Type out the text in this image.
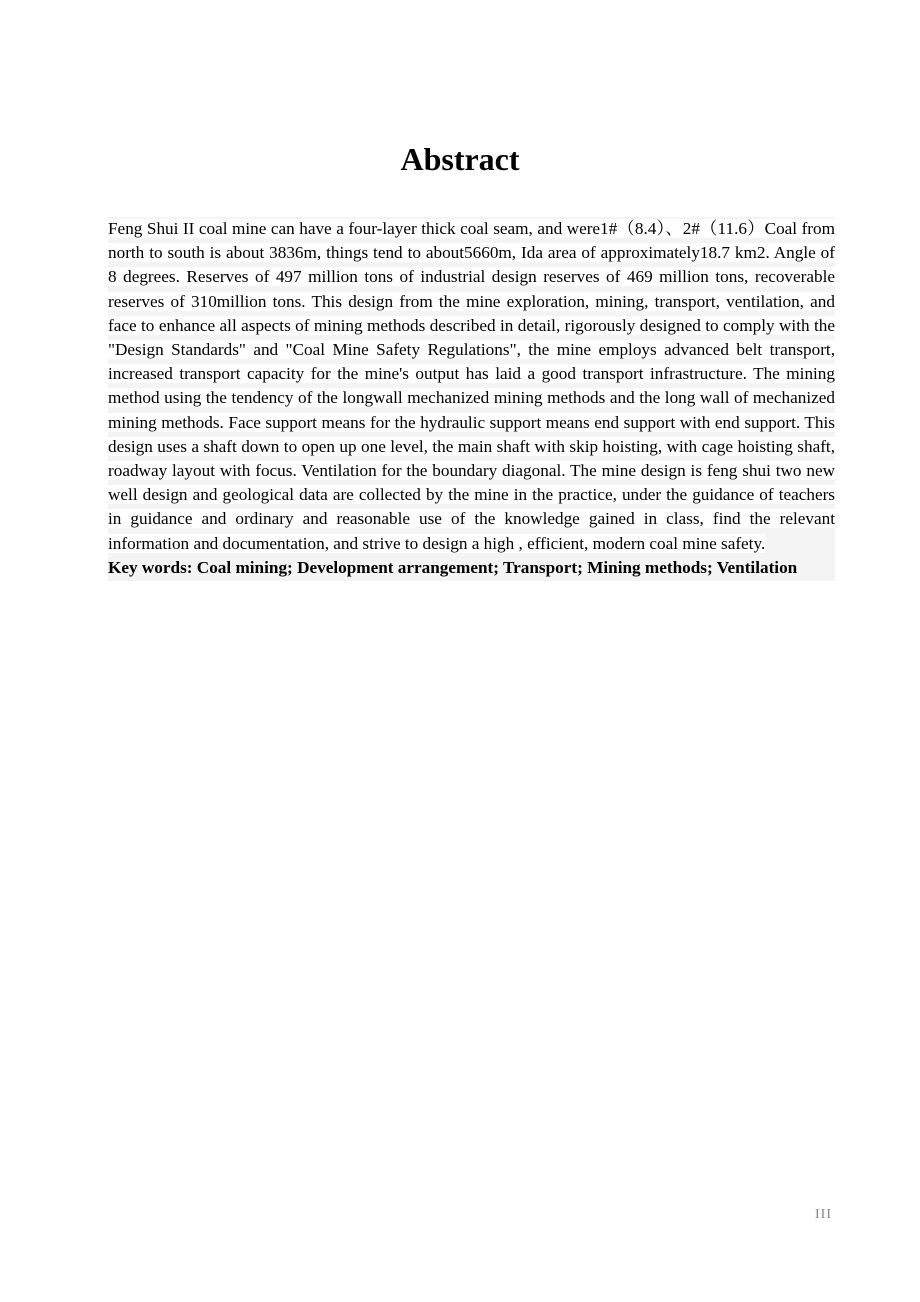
Abstract

Feng Shui II coal mine can have a four-layer thick coal seam, and were1#（8.4）、2#（11.6）Coal from north to south is about 3836m, things tend to about5660m, Ida area of approximately18.7 km2. Angle of 8 degrees. Reserves of 497 million tons of industrial design reserves of 469 million tons, recoverable reserves of 310million tons. This design from the mine exploration, mining, transport, ventilation, and face to enhance all aspects of mining methods described in detail, rigorously designed to comply with the "Design Standards" and "Coal Mine Safety Regulations", the mine employs advanced belt transport, increased transport capacity for the mine's output has laid a good transport infrastructure. The mining method using the tendency of the longwall mechanized mining methods and the long wall of mechanized mining methods. Face support means for the hydraulic support means end support with end support. This design uses a shaft down to open up one level, the main shaft with skip hoisting, with cage hoisting shaft, roadway layout with focus. Ventilation for the boundary diagonal. The mine design is feng shui two new well design and geological data are collected by the mine in the practice, under the guidance of teachers in guidance and ordinary and reasonable use of the knowledge gained in class, find the relevant information and documentation, and strive to design a high , efficient, modern coal mine safety.

Key words: Coal mining; Development arrangement; Transport; Mining methods; Ventilation

III
